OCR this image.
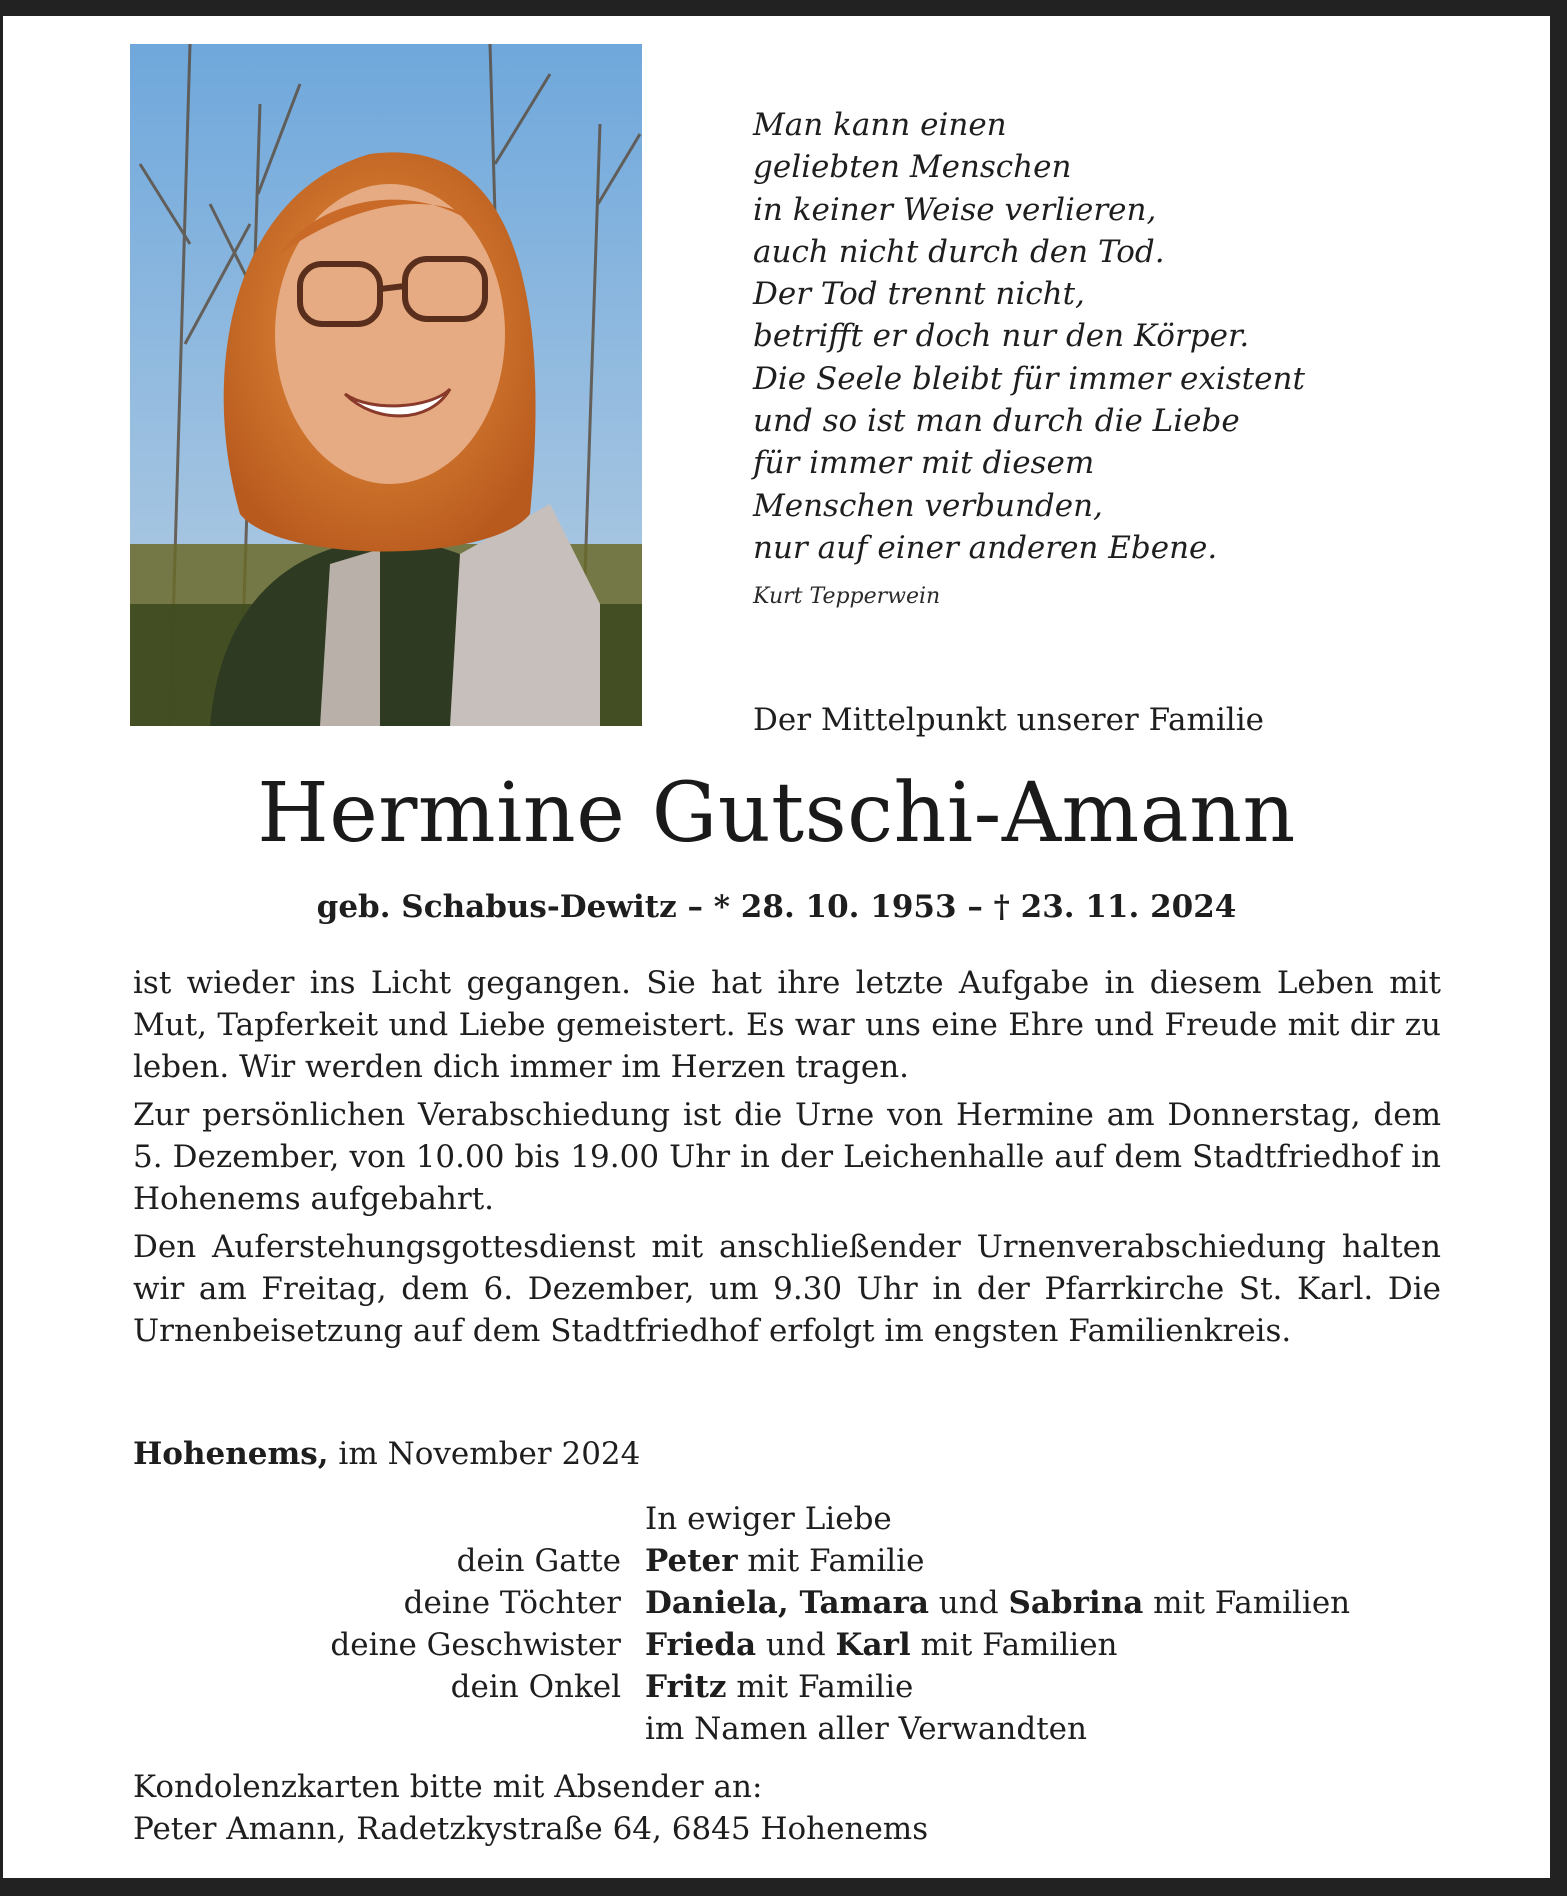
Man kann einen
geliebten Menschen
in keiner Weise verlieren,
auch nicht durch den Tod.
Der Tod trennt nicht,
betrifft er doch nur den Körper.
Die Seele bleibt für immer existent
und so ist man durch die Liebe
für immer mit diesem
Menschen verbunden,
nur auf einer anderen Ebene.
Kurt Tepperwein
Der Mittelpunkt unserer Familie
Hermine Gutschi-Amann
geb. Schabus-Dewitz – * 28. 10. 1953 – † 23. 11. 2024

ist wieder ins Licht gegangen. Sie hat ihre letzte Aufgabe in diesem Leben mit Mut, Tapferkeit und Liebe gemeistert. Es war uns eine Ehre und Freude mit dir zu leben. Wir werden dich immer im Herzen tragen.

Zur persönlichen Verabschiedung ist die Urne von Hermine am Donnerstag, dem 5. Dezember, von 10.00 bis 19.00 Uhr in der Leichenhalle auf dem Stadtfriedhof in Hohenems aufgebahrt.

Den Auferstehungsgottesdienst mit anschließender Urnenverabschiedung halten wir am Freitag, dem 6. Dezember, um 9.30 Uhr in der Pfarrkirche St. Karl. Die Urnenbeisetzung auf dem Stadtfriedhof erfolgt im engsten Familienkreis.

Hohenems, im November 2024
In ewiger Liebe
dein Gatte Peter mit Familie
deine Töchter Daniela, Tamara und Sabrina mit Familien
deine Geschwister Frieda und Karl mit Familien
dein Onkel Fritz mit Familie
im Namen aller Verwandten
Kondolenzkarten bitte mit Absender an:
Peter Amann, Radetzkystraße 64, 6845 Hohenems
